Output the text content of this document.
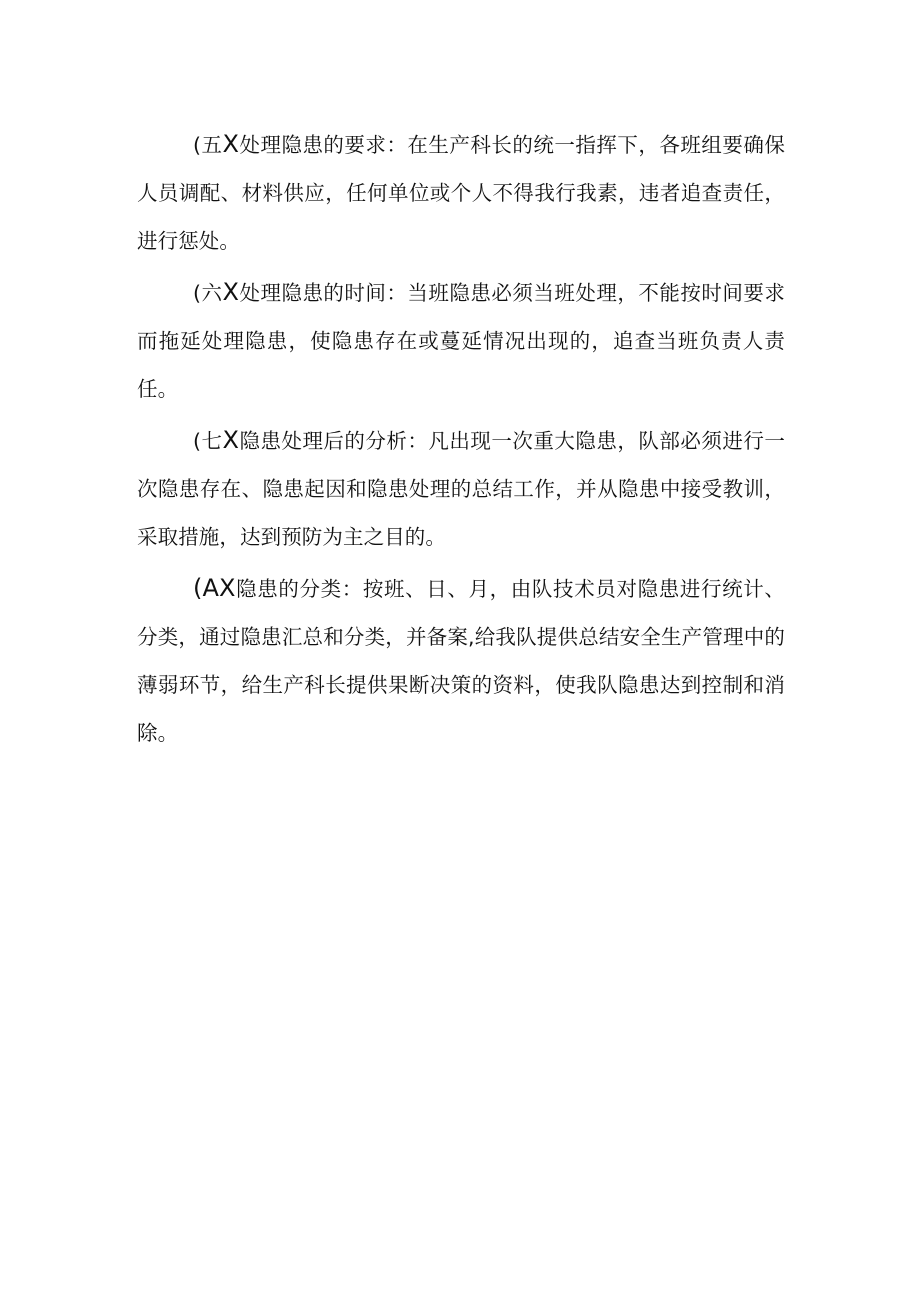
(五X处理隐患的要求：在生产科长的统一指挥下，各班组要确保人员调配、材料供应，任何单位或个人不得我行我素，违者追查责任，进行惩处。

(六X处理隐患的时间：当班隐患必须当班处理，不能按时间要求而拖延处理隐患，使隐患存在或蔓延情况出现的，追查当班负责人责任。

(七X隐患处理后的分析：凡出现一次重大隐患，队部必须进行一次隐患存在、隐患起因和隐患处理的总结工作，并从隐患中接受教训，采取措施，达到预防为主之目的。

(AX隐患的分类：按班、日、月，由队技术员对隐患进行统计、分类，通过隐患汇总和分类，并备案,给我队提供总结安全生产管理中的薄弱环节，给生产科长提供果断决策的资料，使我队隐患达到控制和消除。
